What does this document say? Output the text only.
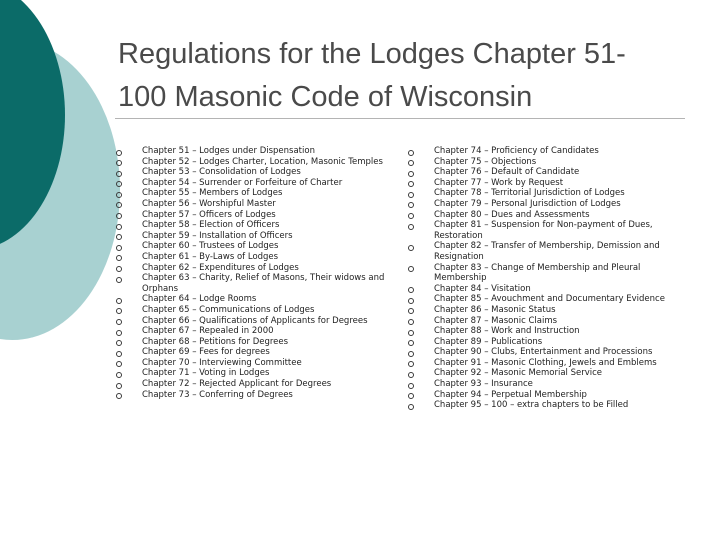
Regulations for the Lodges Chapter 51-
100 Masonic Code of Wisconsin
Chapter 51 – Lodges under Dispensation
Chapter 52 – Lodges Charter, Location, Masonic Temples
Chapter 53 – Consolidation of Lodges
Chapter 54 – Surrender or Forfeiture of Charter
Chapter 55 – Members of Lodges
Chapter 56 – Worshipful Master
Chapter 57 – Officers of Lodges
Chapter 58 – Election of Officers
Chapter 59 – Installation of Officers
Chapter 60 – Trustees of Lodges
Chapter 61 – By-Laws of Lodges
Chapter 62 – Expenditures of Lodges
Chapter 63 – Charity, Relief of Masons, Their widows and Orphans
Chapter 64 – Lodge Rooms
Chapter 65 – Communications of Lodges
Chapter 66 – Qualifications of Applicants for Degrees
Chapter 67 – Repealed in 2000
Chapter 68 – Petitions for Degrees
Chapter 69 – Fees for degrees
Chapter 70 – Interviewing Committee
Chapter 71 – Voting in Lodges
Chapter 72 – Rejected Applicant for Degrees
Chapter 73 – Conferring of Degrees
Chapter 74 – Proficiency of Candidates
Chapter 75 – Objections
Chapter 76 – Default of Candidate
Chapter 77 – Work by Request
Chapter 78 – Territorial Jurisdiction of Lodges
Chapter 79 – Personal Jurisdiction of Lodges
Chapter 80 – Dues and Assessments
Chapter 81 – Suspension for Non-payment of Dues, Restoration
Chapter 82 – Transfer of Membership, Demission and Resignation
Chapter 83 – Change of Membership and Pleural Membership
Chapter 84 – Visitation
Chapter 85 – Avouchment and Documentary Evidence
Chapter 86 – Masonic Status
Chapter 87 – Masonic Claims
Chapter 88 – Work and Instruction
Chapter 89 – Publications
Chapter 90 – Clubs, Entertainment and Processions
Chapter 91 – Masonic Clothing, Jewels and Emblems
Chapter 92 – Masonic Memorial Service
Chapter 93 – Insurance
Chapter 94 – Perpetual Membership
Chapter 95 – 100 – extra chapters to be Filled
